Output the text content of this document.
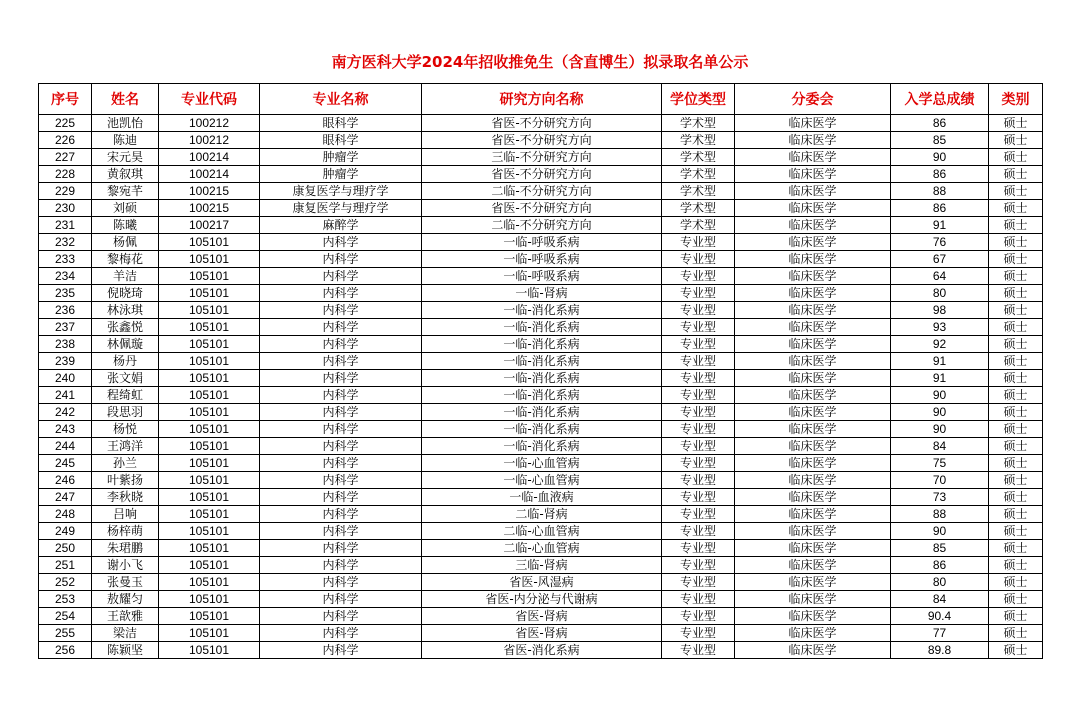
南方医科大学2024年招收推免生（含直博生）拟录取名单公示
序号	姓名	专业代码	专业名称	研究方向名称	学位类型	分委会	入学总成绩	类别
225	池凯怡	100212	眼科学	省医-不分研究方向	学术型	临床医学	86	硕士
226	陈迪	100212	眼科学	省医-不分研究方向	学术型	临床医学	85	硕士
227	宋元昊	100214	肿瘤学	三临-不分研究方向	学术型	临床医学	90	硕士
228	黄叙琪	100214	肿瘤学	省医-不分研究方向	学术型	临床医学	86	硕士
229	黎宛芊	100215	康复医学与理疗学	二临-不分研究方向	学术型	临床医学	88	硕士
230	刘硕	100215	康复医学与理疗学	省医-不分研究方向	学术型	临床医学	86	硕士
231	陈曦	100217	麻醉学	二临-不分研究方向	学术型	临床医学	91	硕士
232	杨佩	105101	内科学	一临-呼吸系病	专业型	临床医学	76	硕士
233	黎梅花	105101	内科学	一临-呼吸系病	专业型	临床医学	67	硕士
234	羊洁	105101	内科学	一临-呼吸系病	专业型	临床医学	64	硕士
235	倪晓琦	105101	内科学	一临-肾病	专业型	临床医学	80	硕士
236	林泳琪	105101	内科学	一临-消化系病	专业型	临床医学	98	硕士
237	张鑫悦	105101	内科学	一临-消化系病	专业型	临床医学	93	硕士
238	林佩璇	105101	内科学	一临-消化系病	专业型	临床医学	92	硕士
239	杨丹	105101	内科学	一临-消化系病	专业型	临床医学	91	硕士
240	张文娟	105101	内科学	一临-消化系病	专业型	临床医学	91	硕士
241	程绮虹	105101	内科学	一临-消化系病	专业型	临床医学	90	硕士
242	段思羽	105101	内科学	一临-消化系病	专业型	临床医学	90	硕士
243	杨悦	105101	内科学	一临-消化系病	专业型	临床医学	90	硕士
244	王鸿洋	105101	内科学	一临-消化系病	专业型	临床医学	84	硕士
245	孙兰	105101	内科学	一临-心血管病	专业型	临床医学	75	硕士
246	叶紫扬	105101	内科学	一临-心血管病	专业型	临床医学	70	硕士
247	李秋晓	105101	内科学	一临-血液病	专业型	临床医学	73	硕士
248	吕响	105101	内科学	二临-肾病	专业型	临床医学	88	硕士
249	杨梓萌	105101	内科学	二临-心血管病	专业型	临床医学	90	硕士
250	朱珺鹏	105101	内科学	二临-心血管病	专业型	临床医学	85	硕士
251	谢小飞	105101	内科学	三临-肾病	专业型	临床医学	86	硕士
252	张曼玉	105101	内科学	省医-风湿病	专业型	临床医学	80	硕士
253	敖耀匀	105101	内科学	省医-内分泌与代谢病	专业型	临床医学	84	硕士
254	王歆雅	105101	内科学	省医-肾病	专业型	临床医学	90.4	硕士
255	梁洁	105101	内科学	省医-肾病	专业型	临床医学	77	硕士
256	陈颖坚	105101	内科学	省医-消化系病	专业型	临床医学	89.8	硕士
